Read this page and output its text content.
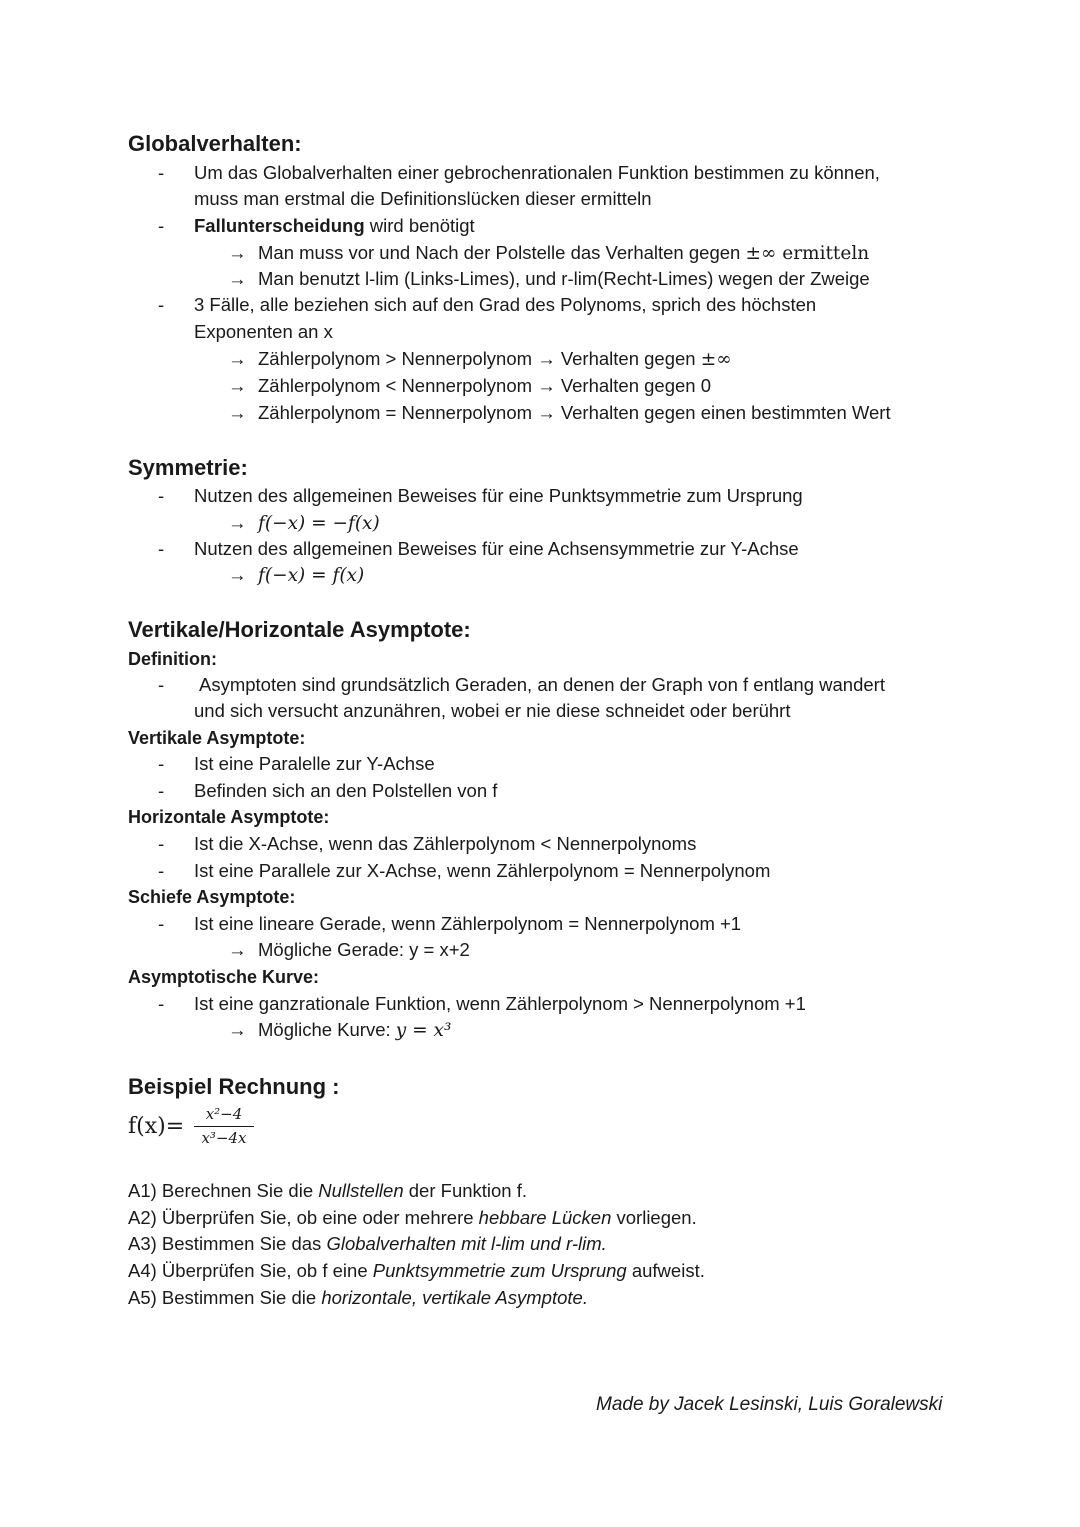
Globalverhalten:
- Um das Globalverhalten einer gebrochenrationalen Funktion bestimmen zu können,
muss man erstmal die Definitionslücken dieser ermitteln
- Fallunterscheidung wird benötigt
→ Man muss vor und Nach der Polstelle das Verhalten gegen ±∞ ermitteln
→ Man benutzt l-lim (Links-Limes), und r-lim(Recht-Limes) wegen der Zweige
- 3 Fälle, alle beziehen sich auf den Grad des Polynoms, sprich des höchsten
Exponenten an x
→ Zählerpolynom > Nennerpolynom → Verhalten gegen ±∞
→ Zählerpolynom < Nennerpolynom → Verhalten gegen 0
→ Zählerpolynom = Nennerpolynom → Verhalten gegen einen bestimmten Wert
Symmetrie:
- Nutzen des allgemeinen Beweises für eine Punktsymmetrie zum Ursprung
→ f(−x) = −f(x)
- Nutzen des allgemeinen Beweises für eine Achsensymmetrie zur Y-Achse
→ f(−x) = f(x)
Vertikale/Horizontale Asymptote:
Definition:
- Asymptoten sind grundsätzlich Geraden, an denen der Graph von f entlang wandert
und sich versucht anzunähren, wobei er nie diese schneidet oder berührt
Vertikale Asymptote:
- Ist eine Paralelle zur Y-Achse
- Befinden sich an den Polstellen von f
Horizontale Asymptote:
- Ist die X-Achse, wenn das Zählerpolynom < Nennerpolynoms
- Ist eine Parallele zur X-Achse, wenn Zählerpolynom = Nennerpolynom
Schiefe Asymptote:
- Ist eine lineare Gerade, wenn Zählerpolynom = Nennerpolynom +1
→ Mögliche Gerade: y = x+2
Asymptotische Kurve:
- Ist eine ganzrationale Funktion, wenn Zählerpolynom > Nennerpolynom +1
→ Mögliche Kurve: y = x³
Beispiel Rechnung :
$f(x)= \frac{\text{x²−4}}{\text{x³−4x}}$
A1) Berechnen Sie die Nullstellen der Funktion f.
A2) Überprüfen Sie, ob eine oder mehrere hebbare Lücken vorliegen.
A3) Bestimmen Sie das Globalverhalten mit l-lim und r-lim.
A4) Überprüfen Sie, ob f eine Punktsymmetrie zum Ursprung aufweist.
A5) Bestimmen Sie die horizontale, vertikale Asymptote.
Made by Jacek Lesinski, Luis Goralewski
